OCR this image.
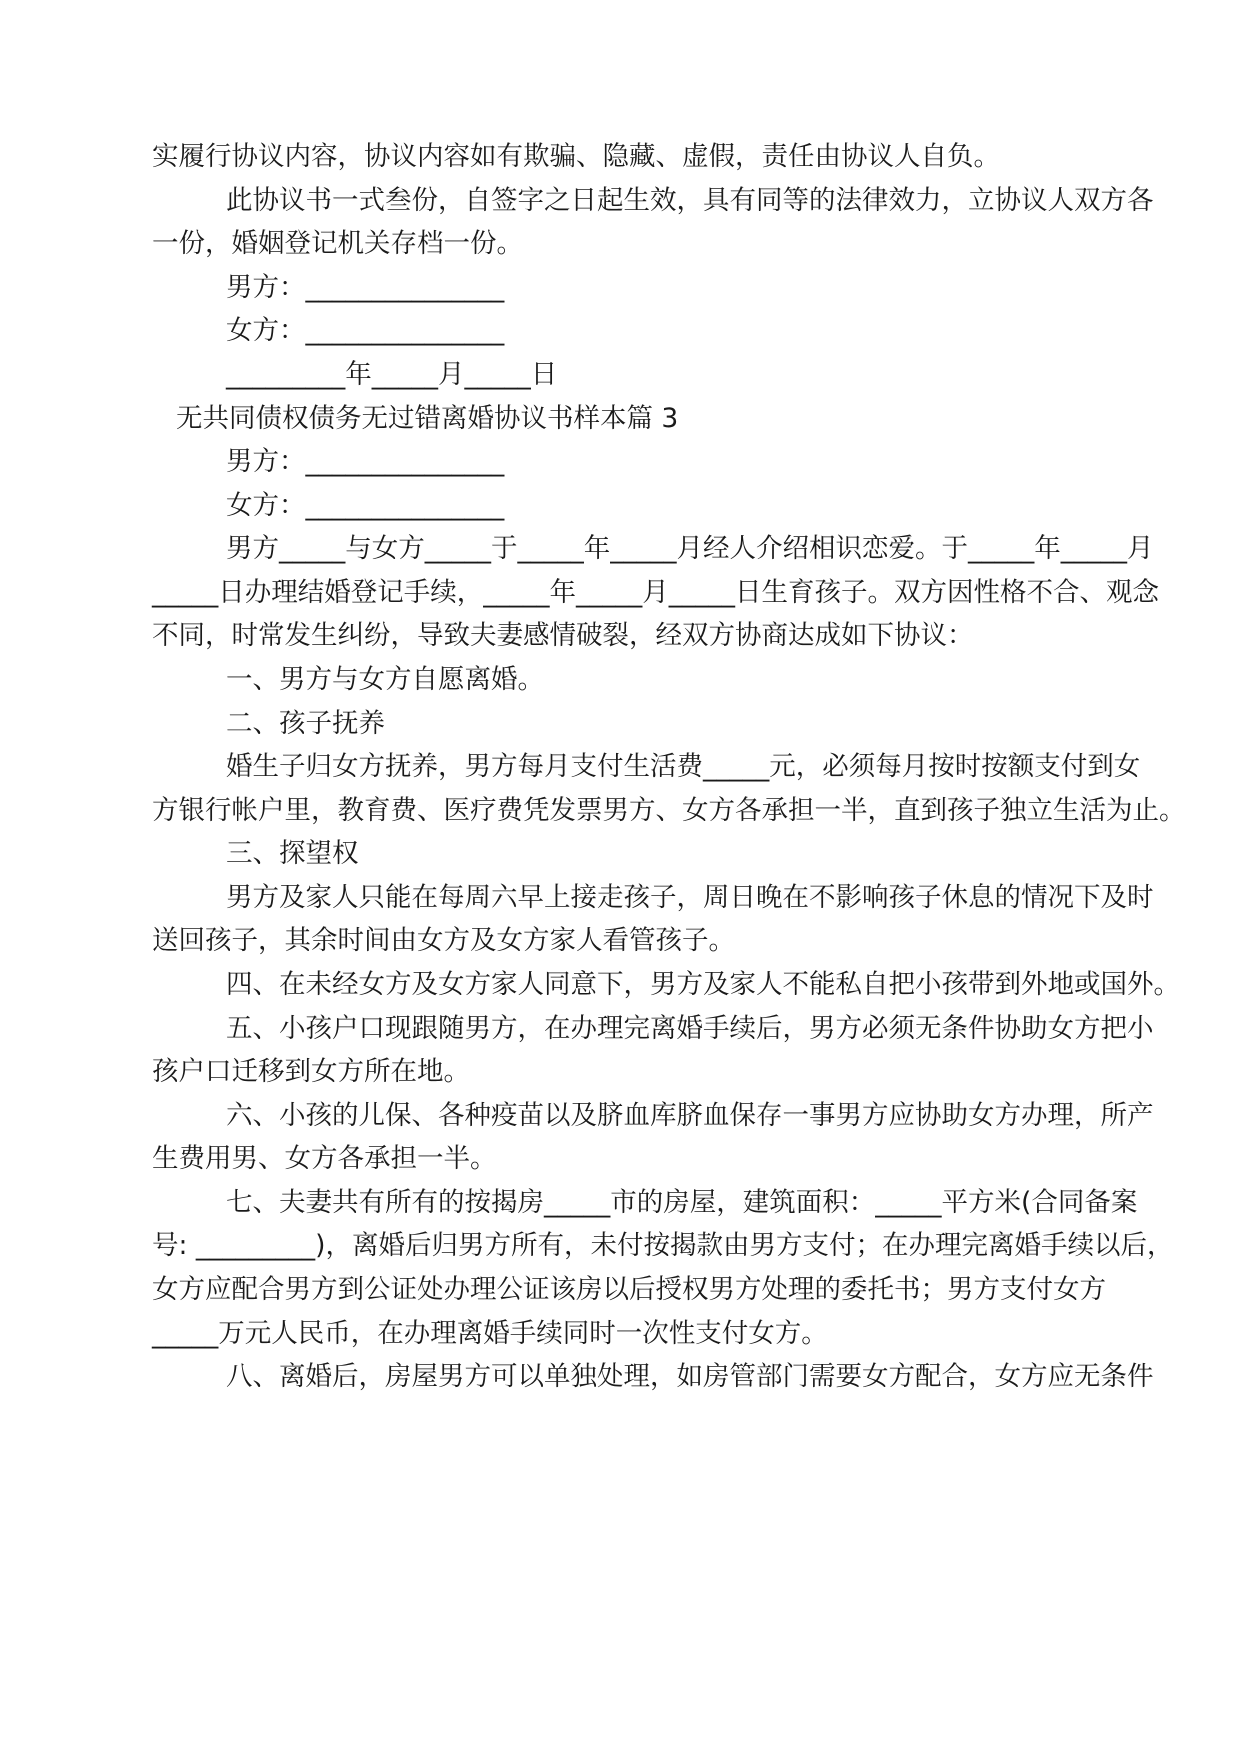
实履行协议内容，协议内容如有欺骗、隐藏、虚假，责任由协议人自负。
此协议书一式叁份，自签字之日起生效，具有同等的法律效力，立协议人双方各
一份，婚姻登记机关存档一份。
男方：_______________
女方：_______________
_________年_____月_____日
无共同债权债务无过错离婚协议书样本篇 3
男方：_______________
女方：_______________
男方_____与女方_____于_____年_____月经人介绍相识恋爱。于_____年_____月
_____日办理结婚登记手续，_____年_____月_____日生育孩子。双方因性格不合、观念
不同，时常发生纠纷，导致夫妻感情破裂，经双方协商达成如下协议：
一、男方与女方自愿离婚。
二、孩子抚养
婚生子归女方抚养，男方每月支付生活费_____元，必须每月按时按额支付到女
方银行帐户里，教育费、医疗费凭发票男方、女方各承担一半，直到孩子独立生活为止。
三、探望权
男方及家人只能在每周六早上接走孩子，周日晚在不影响孩子休息的情况下及时
送回孩子，其余时间由女方及女方家人看管孩子。
四、在未经女方及女方家人同意下，男方及家人不能私自把小孩带到外地或国外。
五、小孩户口现跟随男方，在办理完离婚手续后，男方必须无条件协助女方把小
孩户口迁移到女方所在地。
六、小孩的儿保、各种疫苗以及脐血库脐血保存一事男方应协助女方办理，所产
生费用男、女方各承担一半。
七、夫妻共有所有的按揭房_____市的房屋，建筑面积：_____平方米(合同备案
号: _________)，离婚后归男方所有，未付按揭款由男方支付；在办理完离婚手续以后，
女方应配合男方到公证处办理公证该房以后授权男方处理的委托书；男方支付女方
_____万元人民币，在办理离婚手续同时一次性支付女方。
八、离婚后，房屋男方可以单独处理，如房管部门需要女方配合，女方应无条件
